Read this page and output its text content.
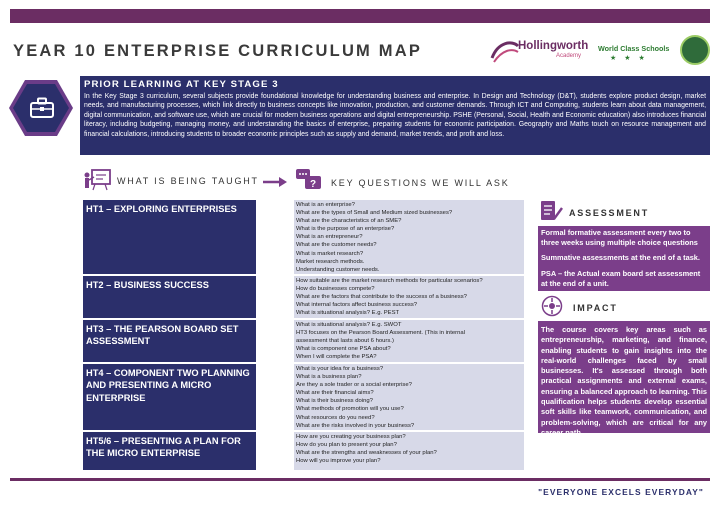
YEAR 10 ENTERPRISE CURRICULUM MAP	Hollingworth
Academy
World Class Schools
★ ★ ★
PRIOR LEARNING AT KEY STAGE 3
In the Key Stage 3 curriculum, several subjects provide foundational knowledge for understanding business and enterprise. In Design and Technology (D&T), students explore product design, market needs, and manufacturing processes, which link directly to business concepts like innovation, production, and customer demands. Through ICT and Computing, students learn about data management, digital communication, and software use, which are crucial for modern business operations and digital entrepreneurship. PSHE (Personal, Social, Health and Economic education) also introduces financial literacy, including budgeting, managing money, and understanding the basics of enterprise, preparing students for economic participation. Geography and Maths touch on resource management and financial calculations, introducing students to broader economic principles such as supply and demand, market trends, and profit and loss.
WHAT IS BEING TAUGHT	? KEY QUESTIONS WE WILL ASK
HT1 – EXPLORING ENTERPRISES
HT2 – BUSINESS SUCCESS
HT3 – THE PEARSON BOARD SET ASSESSMENT
HT4 – COMPONENT TWO PLANNING AND PRESENTING A MICRO ENTERPRISE
HT5/6 – PRESENTING A PLAN FOR THE MICRO ENTERPRISE
What is an enterprise?
What are the types of Small and Medium sized businesses?
What are the characteristics of an SME?
What is the purpose of an enterprise?
What is an entrepreneur?
What are the customer needs?
What is market research?
Market research methods.
Understanding customer needs.
How suitable are the market research methods for particular scenarios?
How do businesses compete?
What are the factors that contribute to the success of a business?
What internal factors affect business success?
What is situational analysis? E.g. PEST
What is situational analysis? E.g. SWOT
HT3 focuses on the Pearson Board Assessment. (This in internal
assessment that lasts about 6 hours.)
What is component one PSA about?
When I will complete the PSA?
What is your idea for a business?
What is a business plan?
Are they a sole trader or a social enterprise?
What are their financial aims?
What is their business doing?
What methods of promotion will you use?
What resources do you need?
What are the risks involved in your business?
How are you creating your business plan?
How do you plan to present your plan?
What are the strengths and weaknesses of your plan?
How will you improve your plan?
ASSESSMENT
Formal formative assessment every two to three weeks using multiple choice questions
Summative assessments at the end of a task.
PSA – the Actual exam board set assessment at the end of a unit.
IMPACT
The course covers key areas such as entrepreneurship, marketing, and finance, enabling students to gain insights into the real-world challenges faced by small businesses. It's assessed through both practical assignments and external exams, ensuring a balanced approach to learning. This qualification helps students develop essential soft skills like teamwork, communication, and problem-solving, which are critical for any career path.
"EVERYONE EXCELS EVERYDAY"
